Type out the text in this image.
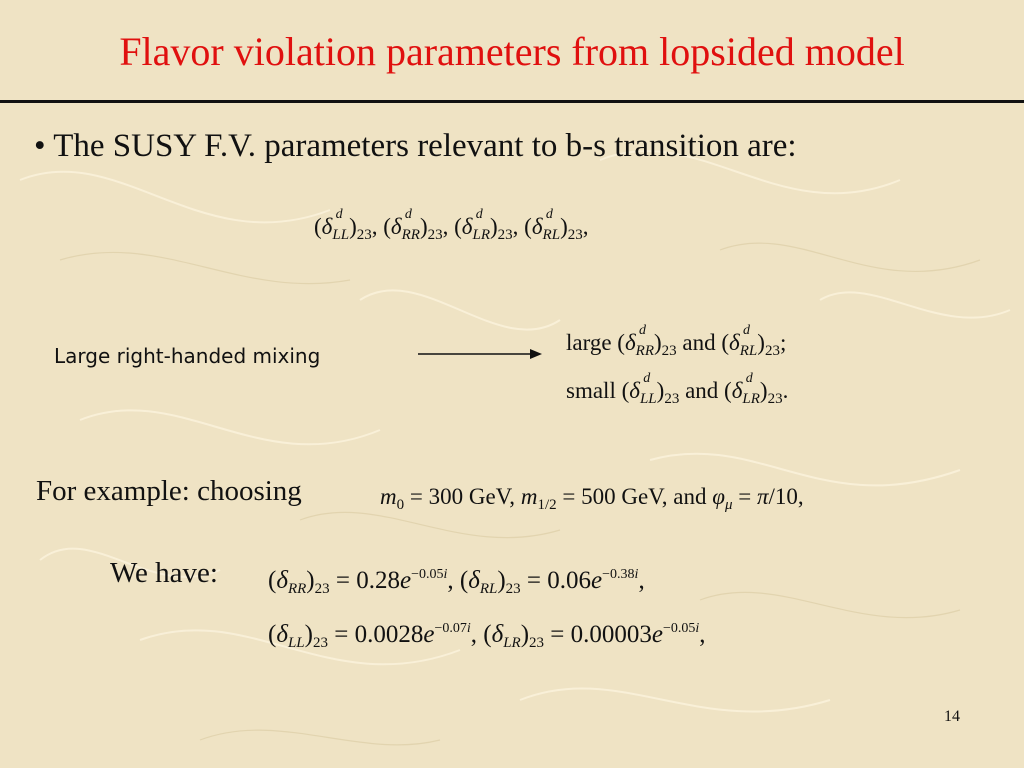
Flavor violation parameters from lopsided model
• The SUSY F.V. parameters relevant to b-s transition are:
(δ d
$_{LL})_{23}$, (δ d
$_{RR})_{23}$, (δ d
$_{LR})_{23}$, (δ d
$_{RL})_{23}$,
Large right-handed mixing
large (δ d
$_{RR})_{23}$ and (δ d
$_{RL})_{23}$;
small (δ d
$_{LL})_{23}$ and (δ d
$_{LR})_{23}$.
For example: choosing	$m_0 = 300$ GeV, $m_{1/2} = 500$ GeV, and $\varphi_\mu = \pi/10$,
We have: $(\delta_{RR})_{23} = 0.28e^{-0.05i}$, $(\delta_{RL})_{23} = 0.06e^{-0.38i}$,
$(\delta_{LL})_{23} = 0.0028e^{-0.07i}$, $(\delta_{LR})_{23} = 0.00003e^{-0.05i}$,
14
